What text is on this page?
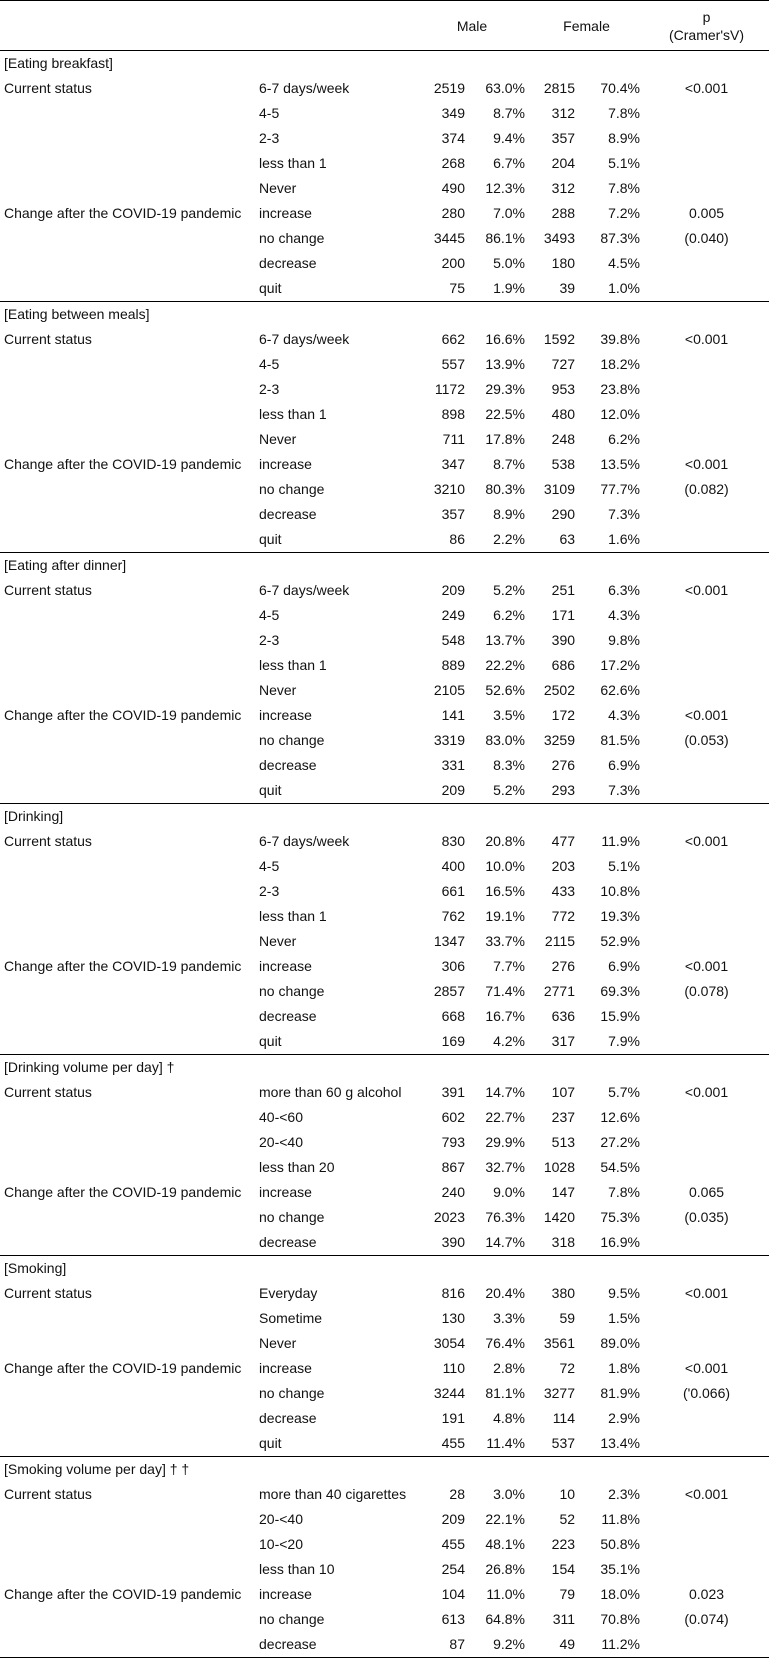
		Male		Female		p
(Cramer'sV)

[Eating breakfast]						
Current status	6-7 days/week	2519	63.0%	2815	70.4%	<0.001
	4-5	349	8.7%	312	7.8%	
	2-3	374	9.4%	357	8.9%	
	less than 1	268	6.7%	204	5.1%	
	Never	490	12.3%	312	7.8%	
Change after the COVID-19 pandemic	increase	280	7.0%	288	7.2%	0.005
	no change	3445	86.1%	3493	87.3%	(0.040)
	decrease	200	5.0%	180	4.5%	
	quit	75	1.9%	39	1.0%	
[Eating between meals]						
Current status	6-7 days/week	662	16.6%	1592	39.8%	<0.001
	4-5	557	13.9%	727	18.2%	
	2-3	1172	29.3%	953	23.8%	
	less than 1	898	22.5%	480	12.0%	
	Never	711	17.8%	248	6.2%	
Change after the COVID-19 pandemic	increase	347	8.7%	538	13.5%	<0.001
	no change	3210	80.3%	3109	77.7%	(0.082)
	decrease	357	8.9%	290	7.3%	
	quit	86	2.2%	63	1.6%	
[Eating after dinner]						
Current status	6-7 days/week	209	5.2%	251	6.3%	<0.001
	4-5	249	6.2%	171	4.3%	
	2-3	548	13.7%	390	9.8%	
	less than 1	889	22.2%	686	17.2%	
	Never	2105	52.6%	2502	62.6%	
Change after the COVID-19 pandemic	increase	141	3.5%	172	4.3%	<0.001
	no change	3319	83.0%	3259	81.5%	(0.053)
	decrease	331	8.3%	276	6.9%	
	quit	209	5.2%	293	7.3%	
[Drinking]						
Current status	6-7 days/week	830	20.8%	477	11.9%	<0.001
	4-5	400	10.0%	203	5.1%	
	2-3	661	16.5%	433	10.8%	
	less than 1	762	19.1%	772	19.3%	
	Never	1347	33.7%	2115	52.9%	
Change after the COVID-19 pandemic	increase	306	7.7%	276	6.9%	<0.001
	no change	2857	71.4%	2771	69.3%	(0.078)
	decrease	668	16.7%	636	15.9%	
	quit	169	4.2%	317	7.9%	
[Drinking volume per day] †						
Current status	more than 60 g alcohol	391	14.7%	107	5.7%	<0.001
	40-<60	602	22.7%	237	12.6%	
	20-<40	793	29.9%	513	27.2%	
	less than 20	867	32.7%	1028	54.5%	
Change after the COVID-19 pandemic	increase	240	9.0%	147	7.8%	0.065
	no change	2023	76.3%	1420	75.3%	(0.035)
	decrease	390	14.7%	318	16.9%	
[Smoking]						
Current status	Everyday	816	20.4%	380	9.5%	<0.001
	Sometime	130	3.3%	59	1.5%	
	Never	3054	76.4%	3561	89.0%	
Change after the COVID-19 pandemic	increase	110	2.8%	72	1.8%	<0.001
	no change	3244	81.1%	3277	81.9%	('0.066)
	decrease	191	4.8%	114	2.9%	
	quit	455	11.4%	537	13.4%	
[Smoking volume per day] † †						
Current status	more than 40 cigarettes	28	3.0%	10	2.3%	<0.001
	20-<40	209	22.1%	52	11.8%	
	10-<20	455	48.1%	223	50.8%	
	less than 10	254	26.8%	154	35.1%	
Change after the COVID-19 pandemic	increase	104	11.0%	79	18.0%	0.023
	no change	613	64.8%	311	70.8%	(0.074)
	decrease	87	9.2%	49	11.2%	
